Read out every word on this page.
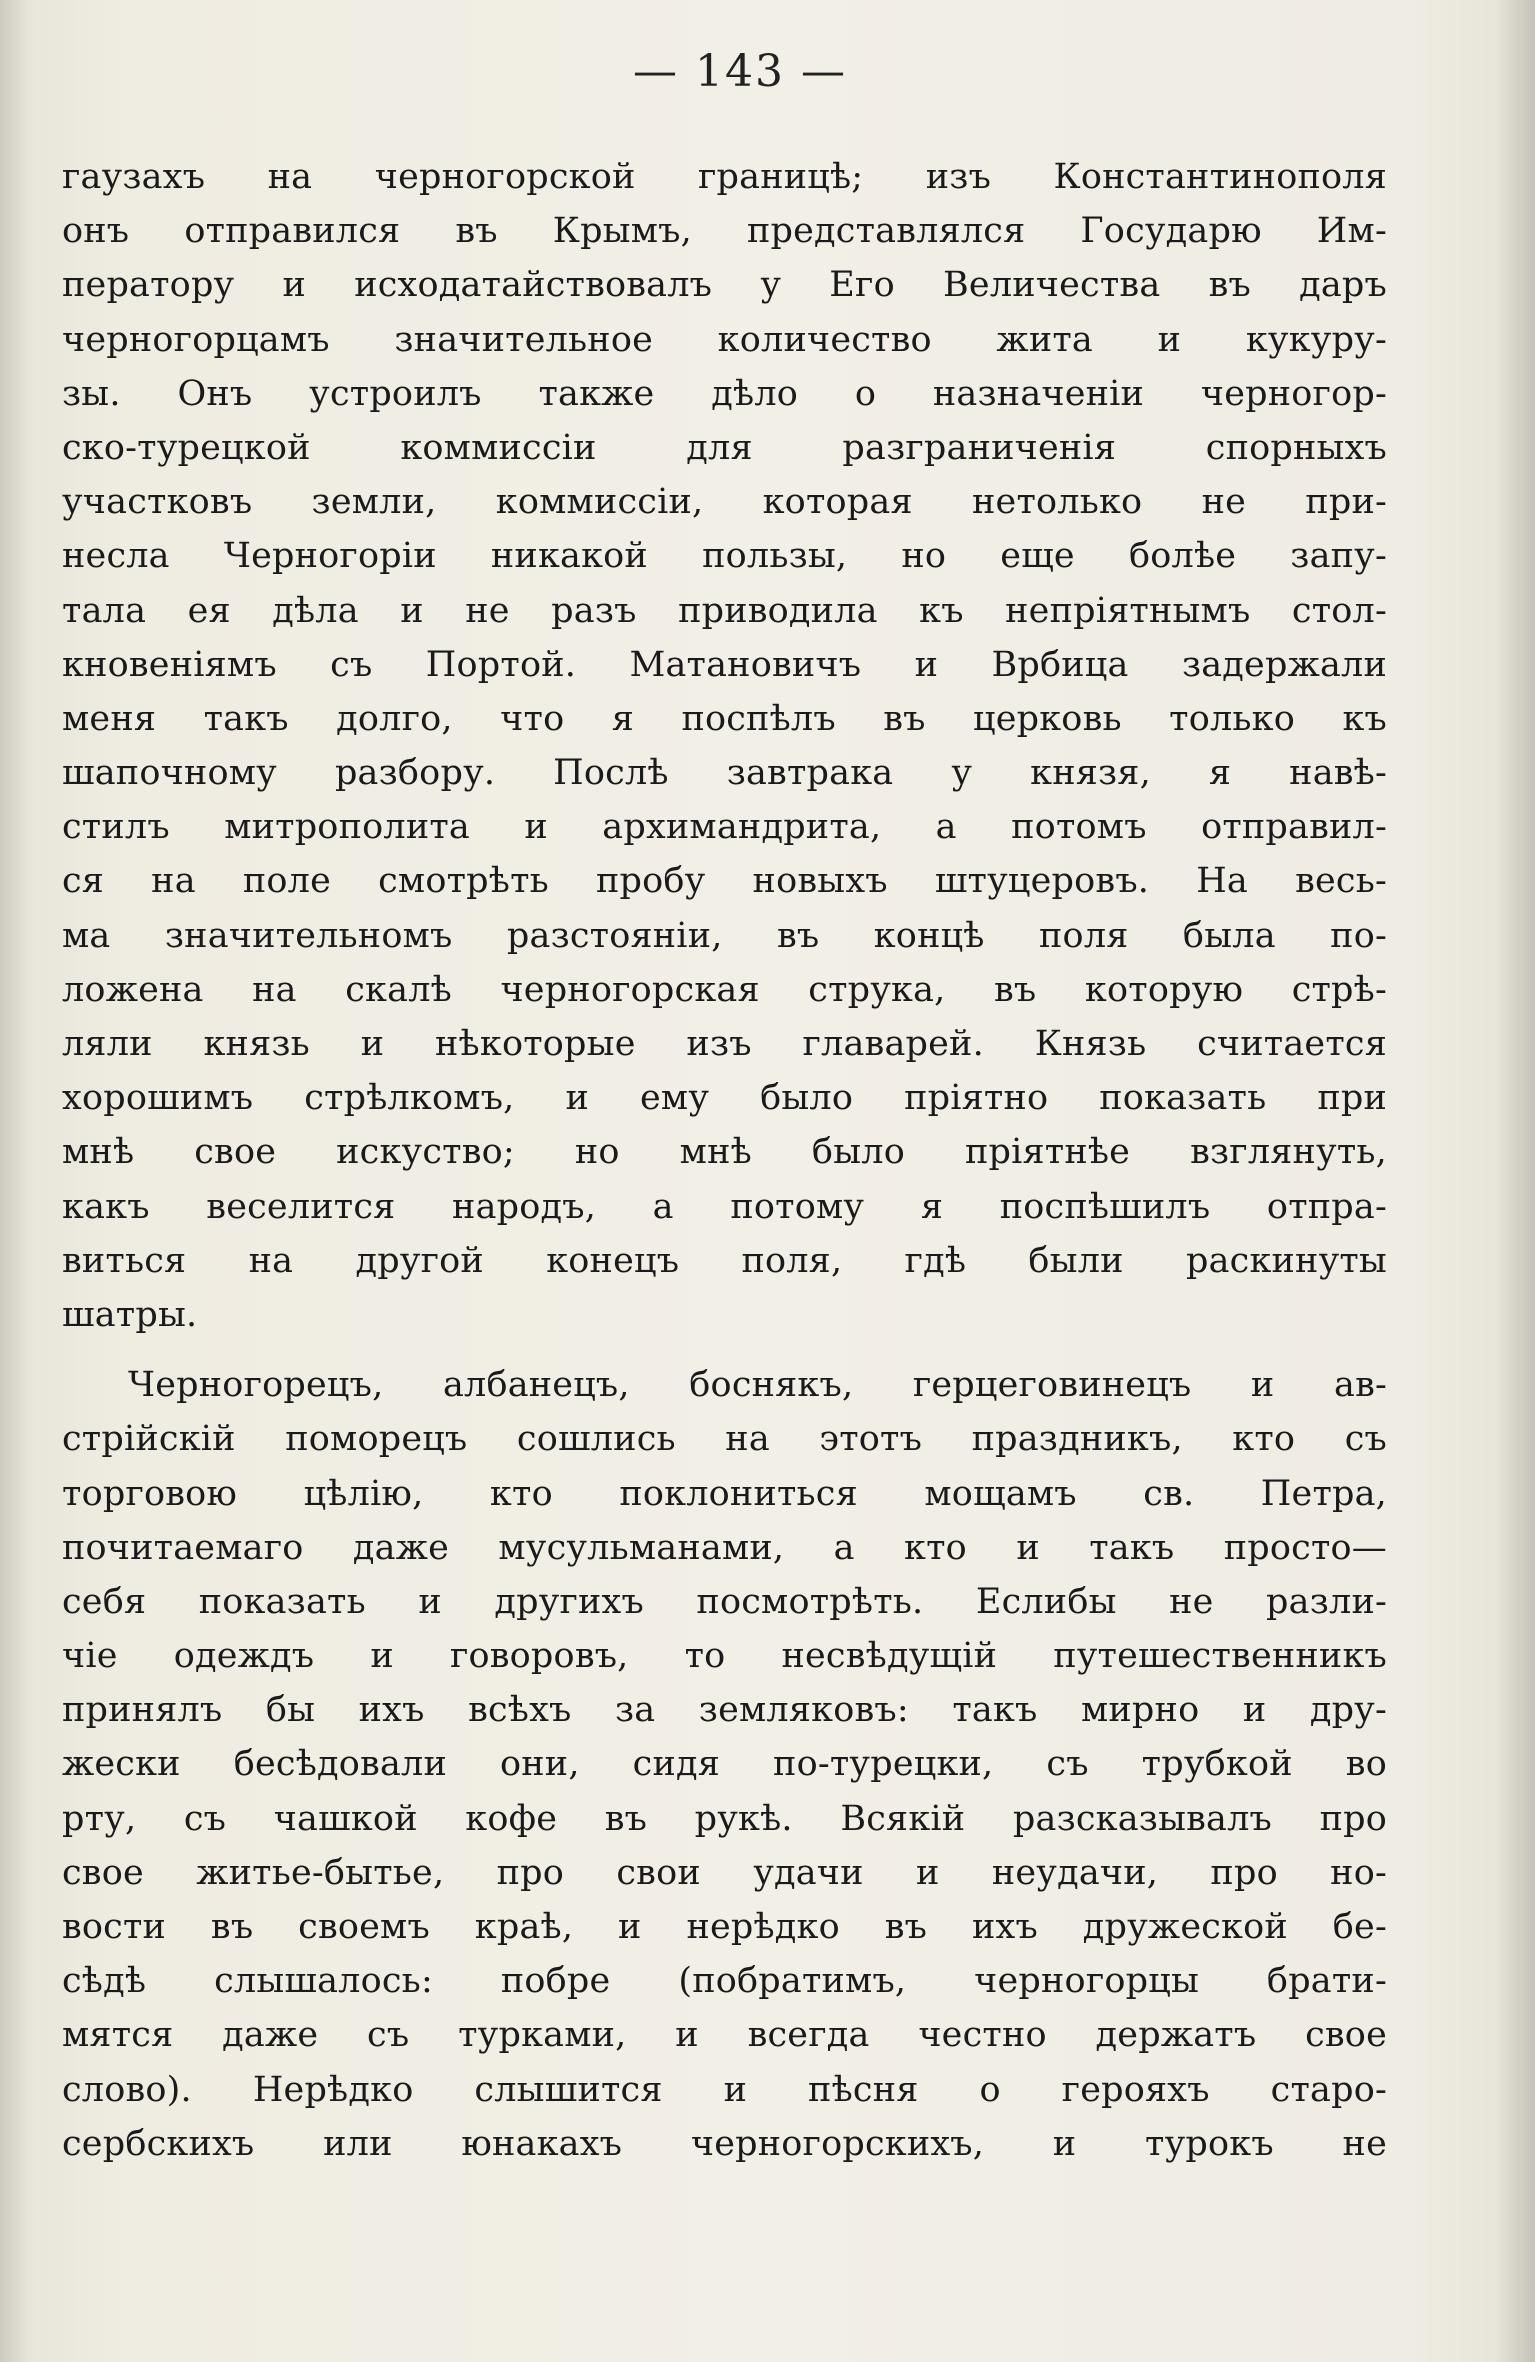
— 143 —
гаузахъ на черногорской границѣ; изъ Константинополя
онъ отправился въ Крымъ, представлялся Государю Им-
ператору и исходатайствовалъ у Его Величества въ даръ
черногорцамъ значительное количество жита и кукуру-
зы. Онъ устроилъ также дѣло о назначеніи черногор-
ско-турецкой коммиссіи для разграниченія спорныхъ
участковъ земли, коммиссіи, которая нетолько не при-
несла Черногоріи никакой пользы, но еще болѣе запу-
тала ея дѣла и не разъ приводила къ непріятнымъ стол-
кновеніямъ съ Портой. Матановичъ и Врбица задержали
меня такъ долго, что я поспѣлъ въ церковь только къ
шапочному разбору. Послѣ завтрака у князя, я навѣ-
стилъ митрополита и архимандрита, а потомъ отправил-
ся на поле смотрѣть пробу новыхъ штуцеровъ. На весь-
ма значительномъ разстояніи, въ концѣ поля была по-
ложена на скалѣ черногорская струка, въ которую стрѣ-
ляли князь и нѣкоторые изъ главарей. Князь считается
хорошимъ стрѣлкомъ, и ему было пріятно показать при
мнѣ свое искуство; но мнѣ было пріятнѣе взглянуть,
какъ веселится народъ, а потому я поспѣшилъ отпра-
виться на другой конецъ поля, гдѣ были раскинуты
шатры.
Черногорецъ, албанецъ, боснякъ, герцеговинецъ и ав-
стрійскій поморецъ сошлись на этотъ праздникъ, кто съ
торговою цѣлію, кто поклониться мощамъ св. Петра,
почитаемаго даже мусульманами, а кто и такъ просто—
себя показать и другихъ посмотрѣть. Еслибы не разли-
чіе одеждъ и говоровъ, то несвѣдущій путешественникъ
принялъ бы ихъ всѣхъ за земляковъ: такъ мирно и дру-
жески бесѣдовали они, сидя по-турецки, съ трубкой во
рту, съ чашкой кофе въ рукѣ. Всякій разсказывалъ про
свое житье-бытье, про свои удачи и неудачи, про но-
вости въ своемъ краѣ, и нерѣдко въ ихъ дружеской бе-
сѣдѣ слышалось: побре (побратимъ, черногорцы брати-
мятся даже съ турками, и всегда честно держатъ свое
слово). Нерѣдко слышится и пѣсня о герояхъ старо-
сербскихъ или юнакахъ черногорскихъ, и турокъ не
